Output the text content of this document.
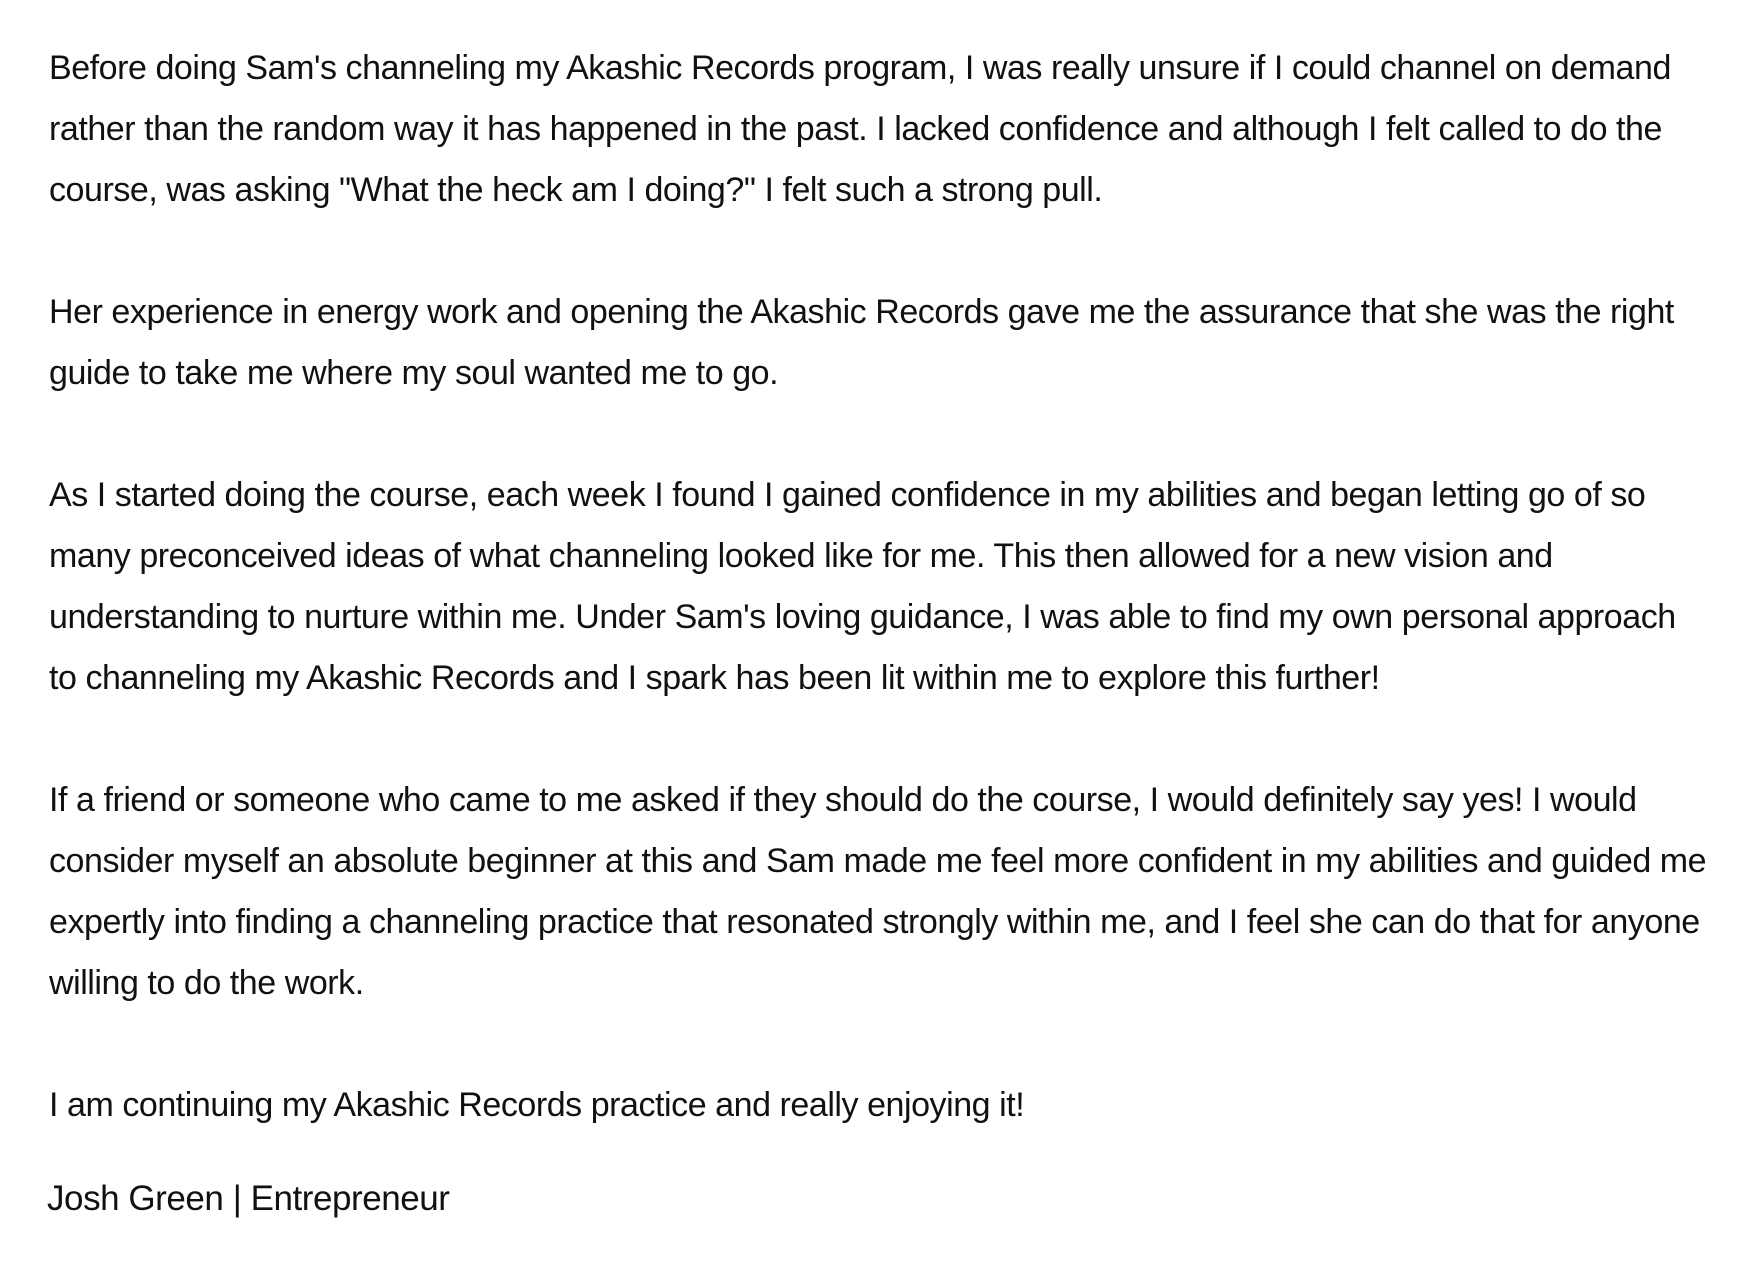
Before doing Sam's channeling my Akashic Records program, I was really unsure if I could channel on demand rather than the random way it has happened in the past. I lacked confidence and although I felt called to do the course, was asking "What the heck am I doing?" I felt such a strong pull.

Her experience in energy work and opening the Akashic Records gave me the assurance that she was the right guide to take me where my soul wanted me to go.

As I started doing the course, each week I found I gained confidence in my abilities and began letting go of so many preconceived ideas of what channeling looked like for me. This then allowed for a new vision and understanding to nurture within me. Under Sam's loving guidance, I was able to find my own personal approach to channeling my Akashic Records and I spark has been lit within me to explore this further!

If a friend or someone who came to me asked if they should do the course, I would definitely say yes! I would consider myself an absolute beginner at this and Sam made me feel more confident in my abilities and guided me expertly into finding a channeling practice that resonated strongly within me, and I feel she can do that for anyone willing to do the work.

I am continuing my Akashic Records practice and really enjoying it!

Josh Green | Entrepreneur
